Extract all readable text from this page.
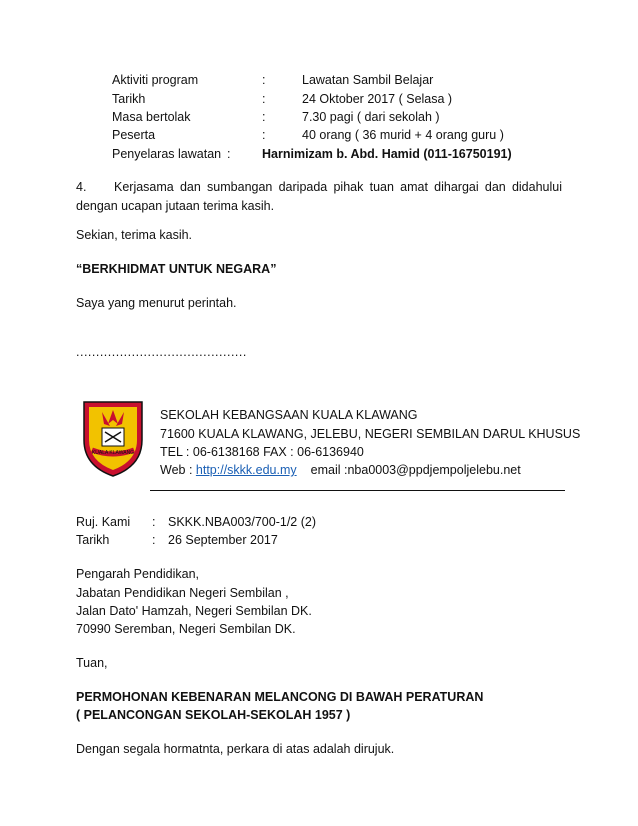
Aktiviti program	:	Lawatan Sambil Belajar
Tarikh	:	24 Oktober 2017 ( Selasa )
Masa bertolak	:	7.30 pagi ( dari sekolah )
Peserta	:	40 orang ( 36 murid + 4 orang guru )
Penyelaras lawatan :	Harnimizam b. Abd. Hamid (011-16750191)
4. Kerjasama dan sumbangan daripada pihak tuan amat dihargai dan didahului dengan ucapan jutaan terima kasih.
Sekian, terima kasih.
“BERKHIDMAT UNTUK NEGARA”
Saya yang menurut perintah.
...........................................
KUALA KLAWANG
SEKOLAH KEBANGSAAN KUALA KLAWANG
71600 KUALA KLAWANG, JELEBU, NEGERI SEMBILAN DARUL KHUSUS
TEL : 06-6138168 FAX : 06-6136940
Web : http://skkk.edu.my email :nba0003@ppdjempoljelebu.net
Ruj. Kami : SKKK.NBA003/700-1/2 (2)
Tarikh	: 26 September 2017
Pengarah Pendidikan,
Jabatan Pendidikan Negeri Sembilan ,
Jalan Dato' Hamzah, Negeri Sembilan DK.
70990 Seremban, Negeri Sembilan DK.
Tuan,
PERMOHONAN KEBENARAN MELANCONG DI BAWAH PERATURAN
( PELANCONGAN SEKOLAH-SEKOLAH 1957 )
Dengan segala hormatnta, perkara di atas adalah dirujuk.
